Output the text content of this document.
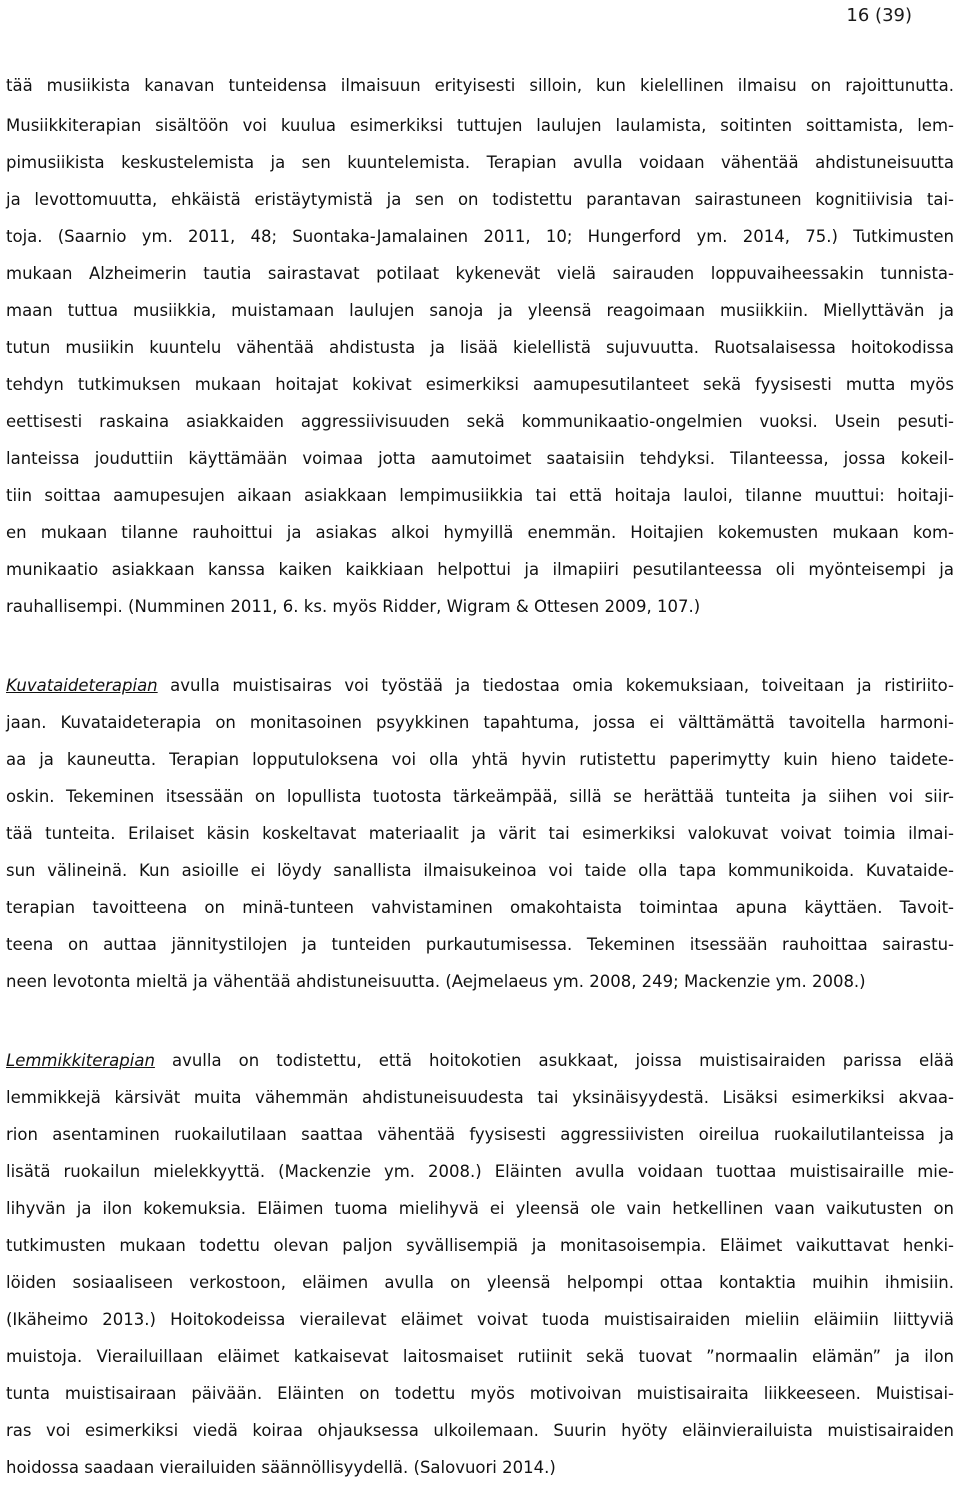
16 (39)
tää musiikista kanavan tunteidensa ilmaisuun erityisesti silloin, kun kielellinen ilmaisu on rajoittunutta.
Musiikkiterapian sisältöön voi kuulua esimerkiksi tuttujen laulujen laulamista, soitinten soittamista, lem-
pimusiikista keskustelemista ja sen kuuntelemista. Terapian avulla voidaan vähentää ahdistuneisuutta
ja levottomuutta, ehkäistä eristäytymistä ja sen on todistettu parantavan sairastuneen kognitiivisia tai-
toja. (Saarnio ym. 2011, 48; Suontaka-Jamalainen 2011, 10; Hungerford ym. 2014, 75.) Tutkimusten
mukaan Alzheimerin tautia sairastavat potilaat kykenevät vielä sairauden loppuvaiheessakin tunnista-
maan tuttua musiikkia, muistamaan laulujen sanoja ja yleensä reagoimaan musiikkiin. Miellyttävän ja
tutun musiikin kuuntelu vähentää ahdistusta ja lisää kielellistä sujuvuutta. Ruotsalaisessa hoitokodissa
tehdyn tutkimuksen mukaan hoitajat kokivat esimerkiksi aamupesutilanteet sekä fyysisesti mutta myös
eettisesti raskaina asiakkaiden aggressiivisuuden sekä kommunikaatio-ongelmien vuoksi. Usein pesuti-
lanteissa jouduttiin käyttämään voimaa jotta aamutoimet saataisiin tehdyksi. Tilanteessa, jossa kokeil-
tiin soittaa aamupesujen aikaan asiakkaan lempimusiikkia tai että hoitaja lauloi, tilanne muuttui: hoitaji-
en mukaan tilanne rauhoittui ja asiakas alkoi hymyillä enemmän. Hoitajien kokemusten mukaan kom-
munikaatio asiakkaan kanssa kaiken kaikkiaan helpottui ja ilmapiiri pesutilanteessa oli myönteisempi ja
rauhallisempi. (Numminen 2011, 6. ks. myös Ridder, Wigram & Ottesen 2009, 107.)
Kuvataideterapian avulla muistisairas voi työstää ja tiedostaa omia kokemuksiaan, toiveitaan ja ristiriito-
jaan. Kuvataideterapia on monitasoinen psyykkinen tapahtuma, jossa ei välttämättä tavoitella harmoni-
aa ja kauneutta. Terapian lopputuloksena voi olla yhtä hyvin rutistettu paperimytty kuin hieno taidete-
oskin. Tekeminen itsessään on lopullista tuotosta tärkeämpää, sillä se herättää tunteita ja siihen voi siir-
tää tunteita. Erilaiset käsin koskeltavat materiaalit ja värit tai esimerkiksi valokuvat voivat toimia ilmai-
sun välineinä. Kun asioille ei löydy sanallista ilmaisukeinoa voi taide olla tapa kommunikoida. Kuvataide-
terapian tavoitteena on minä-tunteen vahvistaminen omakohtaista toimintaa apuna käyttäen. Tavoit-
teena on auttaa jännitystilojen ja tunteiden purkautumisessa. Tekeminen itsessään rauhoittaa sairastu-
neen levotonta mieltä ja vähentää ahdistuneisuutta. (Aejmelaeus ym. 2008, 249; Mackenzie ym. 2008.)
Lemmikkiterapian avulla on todistettu, että hoitokotien asukkaat, joissa muistisairaiden parissa elää
lemmikkejä kärsivät muita vähemmän ahdistuneisuudesta tai yksinäisyydestä. Lisäksi esimerkiksi akvaa-
rion asentaminen ruokailutilaan saattaa vähentää fyysisesti aggressiivisten oireilua ruokailutilanteissa ja
lisätä ruokailun mielekkyyttä. (Mackenzie ym. 2008.) Eläinten avulla voidaan tuottaa muistisairaille mie-
lihyvän ja ilon kokemuksia. Eläimen tuoma mielihyvä ei yleensä ole vain hetkellinen vaan vaikutusten on
tutkimusten mukaan todettu olevan paljon syvällisempiä ja monitasoisempia. Eläimet vaikuttavat henki-
löiden sosiaaliseen verkostoon, eläimen avulla on yleensä helpompi ottaa kontaktia muihin ihmisiin.
(Ikäheimo 2013.) Hoitokodeissa vierailevat eläimet voivat tuoda muistisairaiden mieliin eläimiin liittyviä
muistoja. Vierailuillaan eläimet katkaisevat laitosmaiset rutiinit sekä tuovat ”normaalin elämän” ja ilon
tunta muistisairaan päivään. Eläinten on todettu myös motivoivan muistisairaita liikkeeseen. Muistisai-
ras voi esimerkiksi viedä koiraa ohjauksessa ulkoilemaan. Suurin hyöty eläinvierailuista muistisairaiden
hoidossa saadaan vierailuiden säännöllisyydellä. (Salovuori 2014.)
